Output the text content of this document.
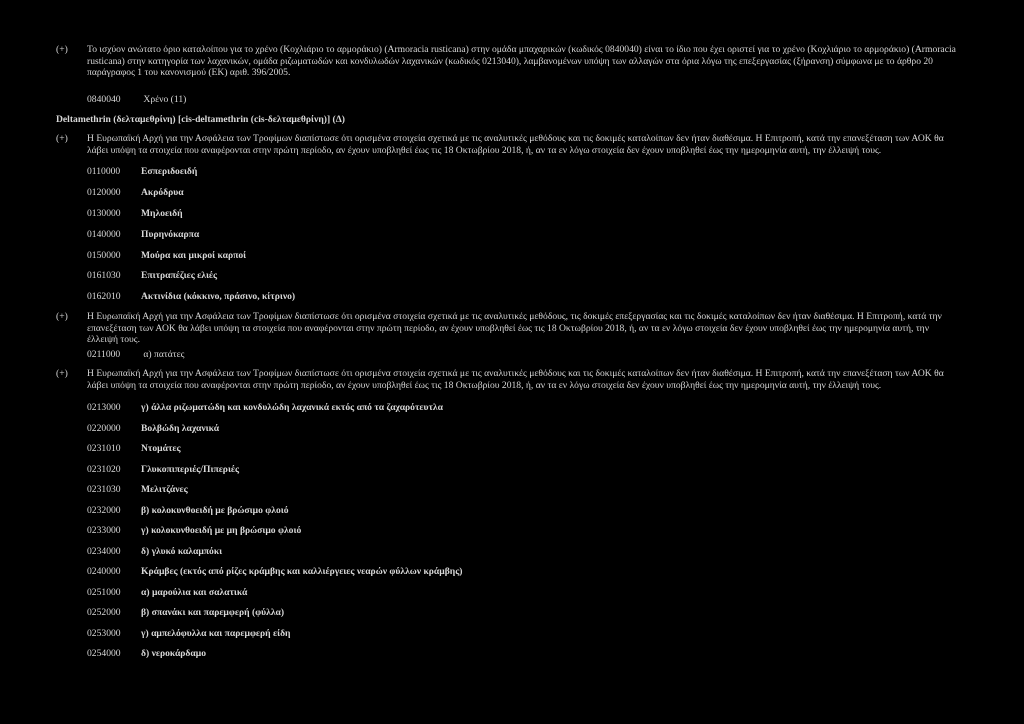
(+) Το ισχύον ανώτατο όριο καταλοίπου για το χρένο (Κοχλιάριο το αρμοράκιο) (Armoracia rusticana) στην ομάδα μπαχαρικών (κωδικός 0840040) είναι το ίδιο που έχει οριστεί για το χρένο (Κοχλιάριο το αρμοράκιο) (Armoracia rusticana) στην κατηγορία των λαχανικών, ομάδα ριζωματωδών και κονδυλωδών λαχανικών (κωδικός 0213040), λαμβανομένων υπόψη των αλλαγών στα όρια λόγω της επεξεργασίας (ξήρανση) σύμφωνα με το άρθρο 20 παράγραφος 1 του κανονισμού (ΕΚ) αριθ. 396/2005.
0840040 Χρένο (11)
Deltamethrin (δελταμεθρίνη) [cis-deltamethrin (cis-δελταμεθρίνη)] (Δ)
(+) Η Ευρωπαϊκή Αρχή για την Ασφάλεια των Τροφίμων διαπίστωσε ότι ορισμένα στοιχεία σχετικά με τις αναλυτικές μεθόδους και τις δοκιμές καταλοίπων δεν ήταν διαθέσιμα. Η Επιτροπή, κατά την επανεξέταση των ΑΟΚ θα λάβει υπόψη τα στοιχεία που αναφέρονται στην πρώτη περίοδο, αν έχουν υποβληθεί έως τις 18 Οκτωβρίου 2018, ή, αν τα εν λόγω στοιχεία δεν έχουν υποβληθεί έως την ημερομηνία αυτή, την έλλειψή τους.
0110000 Εσπεριδοειδή
0120000 Ακρόδρυα
0130000 Μηλοειδή
0140000 Πυρηνόκαρπα
0150000 Μούρα και μικροί καρποί
0161030 Επιτραπέζιες ελιές
0162010 Ακτινίδια (κόκκινο, πράσινο, κίτρινο)
(+) Η Ευρωπαϊκή Αρχή για την Ασφάλεια των Τροφίμων διαπίστωσε ότι ορισμένα στοιχεία σχετικά με τις αναλυτικές μεθόδους, τις δοκιμές επεξεργασίας και τις δοκιμές καταλοίπων δεν ήταν διαθέσιμα. Η Επιτροπή, κατά την επανεξέταση των ΑΟΚ θα λάβει υπόψη τα στοιχεία που αναφέρονται στην πρώτη περίοδο, αν έχουν υποβληθεί έως τις 18 Οκτωβρίου 2018, ή, αν τα εν λόγω στοιχεία δεν έχουν υποβληθεί έως την ημερομηνία αυτή, την έλλειψή τους.
0211000 α) πατάτες
(+) Η Ευρωπαϊκή Αρχή για την Ασφάλεια των Τροφίμων διαπίστωσε ότι ορισμένα στοιχεία σχετικά με τις αναλυτικές μεθόδους και τις δοκιμές καταλοίπων δεν ήταν διαθέσιμα. Η Επιτροπή, κατά την επανεξέταση των ΑΟΚ θα λάβει υπόψη τα στοιχεία που αναφέρονται στην πρώτη περίοδο, αν έχουν υποβληθεί έως τις 18 Οκτωβρίου 2018, ή, αν τα εν λόγω στοιχεία δεν έχουν υποβληθεί έως την ημερομηνία αυτή, την έλλειψή τους.
0213000 γ) άλλα ριζωματώδη και κονδυλώδη λαχανικά εκτός από τα ζαχαρότευτλα
0220000 Βολβώδη λαχανικά
0231010 Ντομάτες
0231020 Γλυκοπιπεριές/Πιπεριές
0231030 Μελιτζάνες
0232000 β) κολοκυνθοειδή με βρώσιμο φλοιό
0233000 γ) κολοκυνθοειδή με μη βρώσιμο φλοιό
0234000 δ) γλυκό καλαμπόκι
0240000 Κράμβες (εκτός από ρίζες κράμβης και καλλιέργειες νεαρών φύλλων κράμβης)
0251000 α) μαρούλια και σαλατικά
0252000 β) σπανάκι και παρεμφερή (φύλλα)
0253000 γ) αμπελόφυλλα και παρεμφερή είδη
0254000 δ) νεροκάρδαμο
